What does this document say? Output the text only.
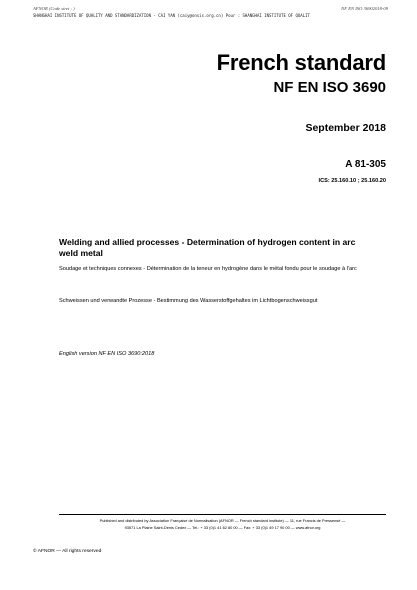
AFNOR (Code siret : )	NF EN ISO 36902018-09
SHANGHAI INSTITUTE OF QUALITY AND STANDARDIZATION - CAI YAN (caiy@onsis.org.cn) Pour : SHANGHAI INSTITUTE OF QUALIT
French standard
NF EN ISO 3690
September 2018
A 81-305
ICS: 25.160.10 ; 25.160.20
Welding and allied processes - Determination of hydrogen content in arc weld metal
Soudage et techniques connexes - Détermination de la teneur en hydrogène dans le métal fondu pour le soudage à l'arc
Schweissen und verwandte Prozesse - Bestimmung des Wasserstoffgehaltes im Lichtbogenschweissgut
English version NF EN ISO 3690:2018
Published and distributed by Association Française de Normalisation (AFNOR — French standard institute) — 11, rue Francis de Pressensé —
93571 La Plaine Saint-Denis Cedex — Tel.: + 33 (0)1 41 62 80 00 — Fax: + 33 (0)1 49 17 90 00 — www.afnor.org
© AFNOR — All rights reserved
